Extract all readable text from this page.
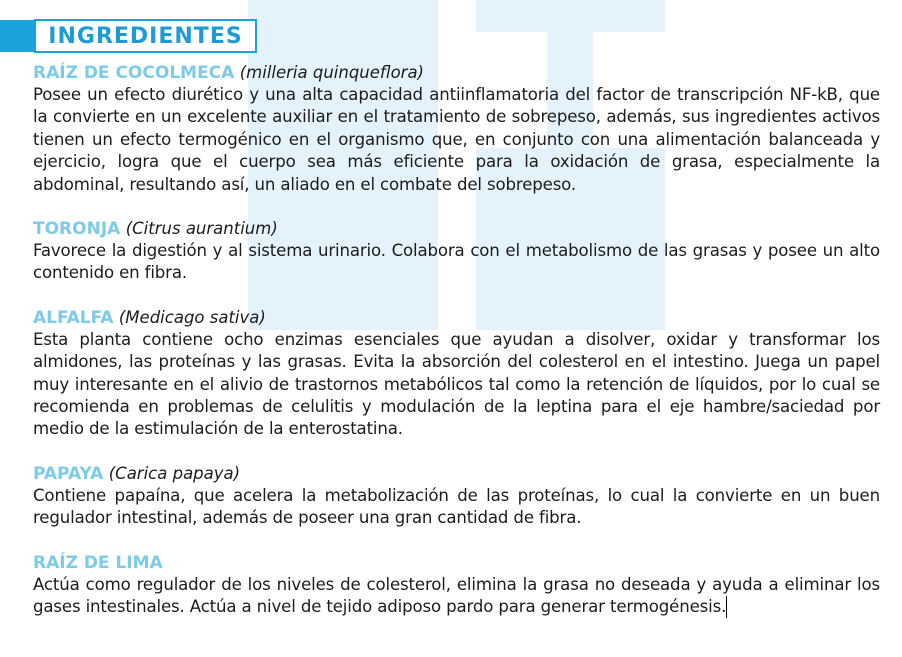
INGREDIENTES
RAÍZ DE COCOLMECA (milleria quinqueflora)
Posee un efecto diurético y una alta capacidad antiinflamatoria del factor de transcripción NF-kB, que la convierte en un excelente auxiliar en el tratamiento de sobrepeso, además, sus ingredientes activos tienen un efecto termogénico en el organismo que, en conjunto con una alimentación balanceada y ejercicio, logra que el cuerpo sea más eficiente para la oxidación de grasa, especialmente la abdominal, resultando así, un aliado en el combate del sobrepeso.
TORONJA (Citrus aurantium)
Favorece la digestión y al sistema urinario. Colabora con el metabolismo de las grasas y posee un alto contenido en fibra.
ALFALFA (Medicago sativa)
Esta planta contiene ocho enzimas esenciales que ayudan a disolver, oxidar y transformar los almidones, las proteínas y las grasas. Evita la absorción del colesterol en el intestino. Juega un papel muy interesante en el alivio de trastornos metabólicos tal como la retención de líquidos, por lo cual se recomienda en problemas de celulitis y modulación de la leptina para el eje hambre/saciedad por medio de la estimulación de la enterostatina.
PAPAYA (Carica papaya)
Contiene papaína, que acelera la metabolización de las proteínas, lo cual la convierte en un buen regulador intestinal, además de poseer una gran cantidad de fibra.
RAÍZ DE LIMA
Actúa como regulador de los niveles de colesterol, elimina la grasa no deseada y ayuda a eliminar los gases intestinales. Actúa a nivel de tejido adiposo pardo para generar termogénesis.
